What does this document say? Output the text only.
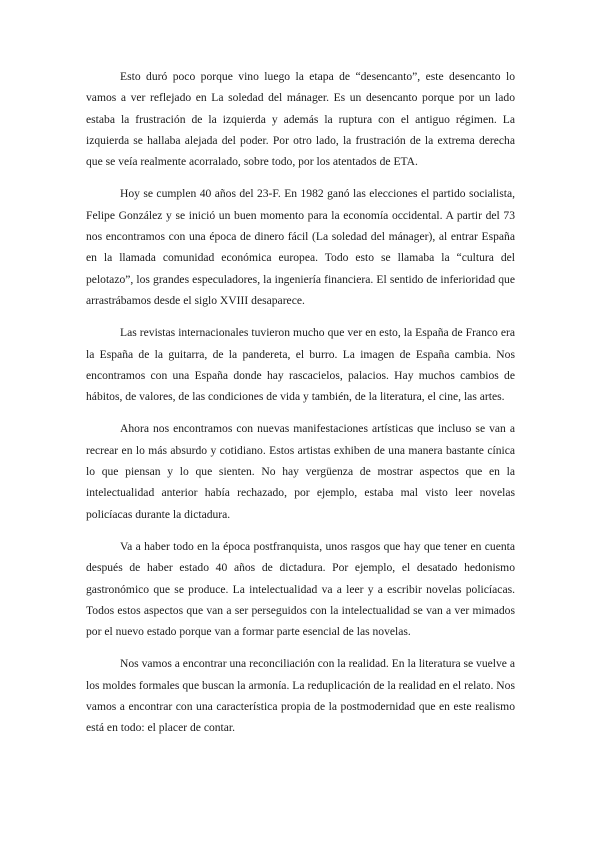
Esto duró poco porque vino luego la etapa de “desencanto”, este desencanto lo vamos a ver reflejado en La soledad del mánager. Es un desencanto porque por un lado estaba la frustración de la izquierda y además la ruptura con el antiguo régimen. La izquierda se hallaba alejada del poder. Por otro lado, la frustración de la extrema derecha que se veía realmente acorralado, sobre todo, por los atentados de ETA.

Hoy se cumplen 40 años del 23-F. En 1982 ganó las elecciones el partido socialista, Felipe González y se inició un buen momento para la economía occidental. A partir del 73 nos encontramos con una época de dinero fácil (La soledad del mánager), al entrar España en la llamada comunidad económica europea. Todo esto se llamaba la “cultura del pelotazo”, los grandes especuladores, la ingeniería financiera. El sentido de inferioridad que arrastrábamos desde el siglo XVIII desaparece.

Las revistas internacionales tuvieron mucho que ver en esto, la España de Franco era la España de la guitarra, de la pandereta, el burro. La imagen de España cambia. Nos encontramos con una España donde hay rascacielos, palacios. Hay muchos cambios de hábitos, de valores, de las condiciones de vida y también, de la literatura, el cine, las artes.

Ahora nos encontramos con nuevas manifestaciones artísticas que incluso se van a recrear en lo más absurdo y cotidiano. Estos artistas exhiben de una manera bastante cínica lo que piensan y lo que sienten. No hay vergüenza de mostrar aspectos que en la intelectualidad anterior había rechazado, por ejemplo, estaba mal visto leer novelas policíacas durante la dictadura.

Va a haber todo en la época postfranquista, unos rasgos que hay que tener en cuenta después de haber estado 40 años de dictadura. Por ejemplo, el desatado hedonismo gastronómico que se produce. La intelectualidad va a leer y a escribir novelas policíacas. Todos estos aspectos que van a ser perseguidos con la intelectualidad se van a ver mimados por el nuevo estado porque van a formar parte esencial de las novelas.

Nos vamos a encontrar una reconciliación con la realidad. En la literatura se vuelve a los moldes formales que buscan la armonía. La reduplicación de la realidad en el relato. Nos vamos a encontrar con una característica propia de la postmodernidad que en este realismo está en todo: el placer de contar.
